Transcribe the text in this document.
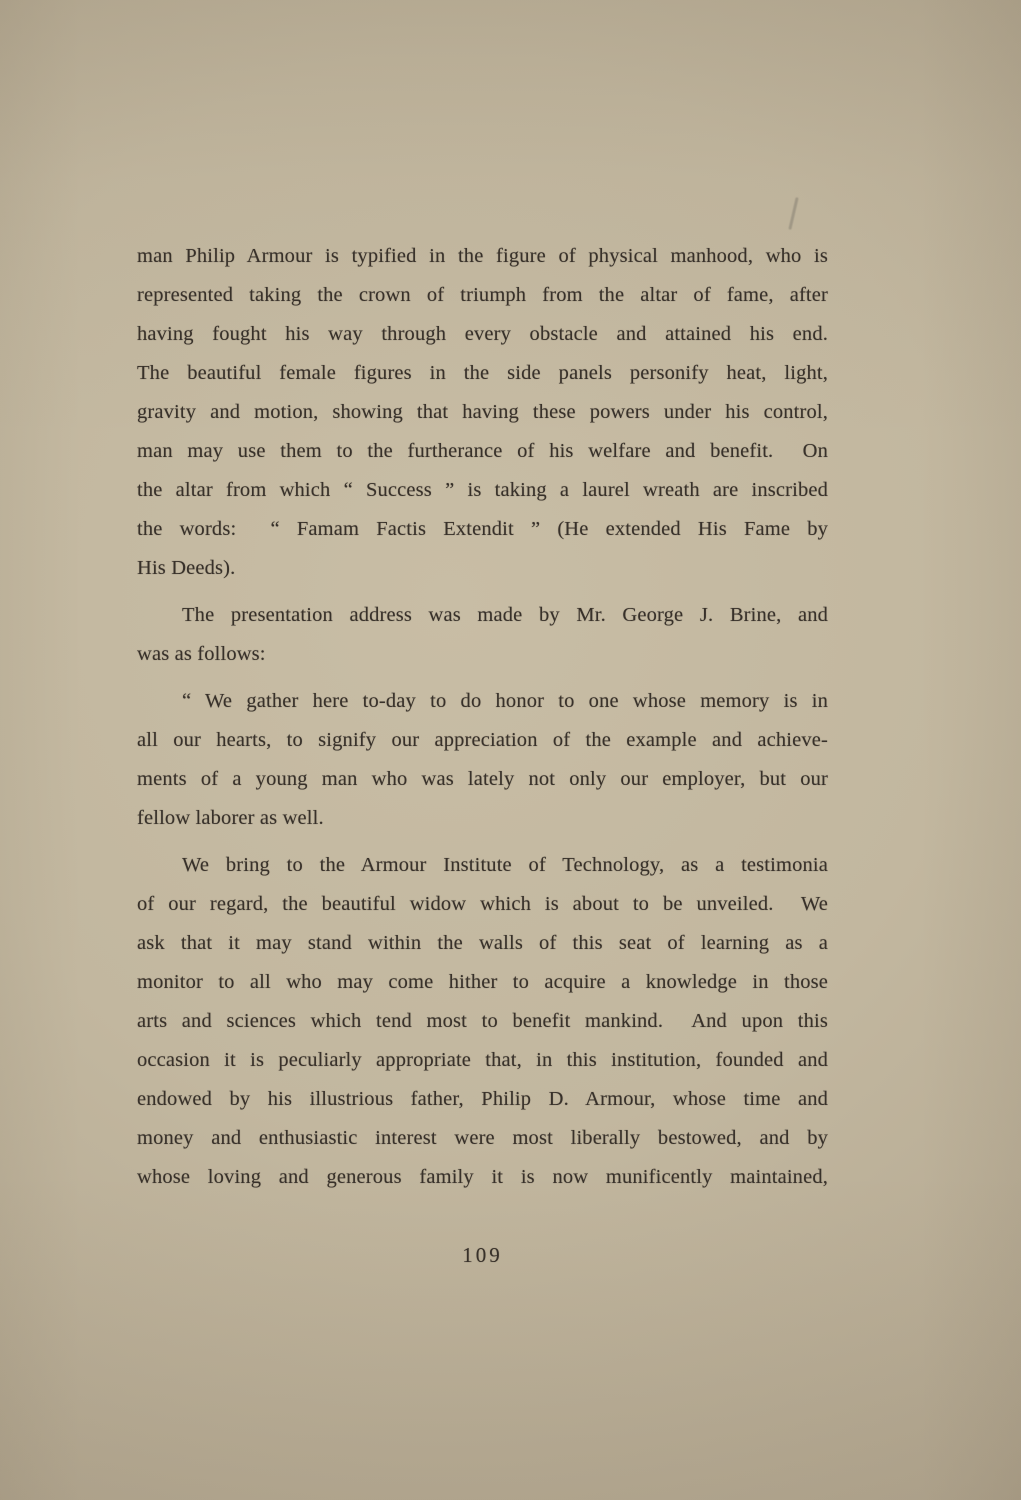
man Philip Armour is typified in the figure of physical manhood, who is
represented taking the crown of triumph from the altar of fame, after
having fought his way through every obstacle and attained his end.
The beautiful female figures in the side panels personify heat, light,
gravity and motion, showing that having these powers under his control,
man may use them to the furtherance of his welfare and benefit.  On
the altar from which “ Success ” is taking a laurel wreath are inscribed
the words:  “ Famam Factis Extendit ” (He extended His Fame by
His Deeds).
The presentation address was made by Mr. George J. Brine, and
was as follows:
“ We gather here to-day to do honor to one whose memory is in
all our hearts, to signify our appreciation of the example and achieve-
ments of a young man who was lately not only our employer, but our
fellow laborer as well.
We bring to the Armour Institute of Technology, as a testimonia
of our regard, the beautiful widow which is about to be unveiled.  We
ask that it may stand within the walls of this seat of learning as a
monitor to all who may come hither to acquire a knowledge in those
arts and sciences which tend most to benefit mankind.  And upon this
occasion it is peculiarly appropriate that, in this institution, founded and
endowed by his illustrious father, Philip D. Armour, whose time and
money and enthusiastic interest were most liberally bestowed, and by
whose loving and generous family it is now munificently maintained,
109
